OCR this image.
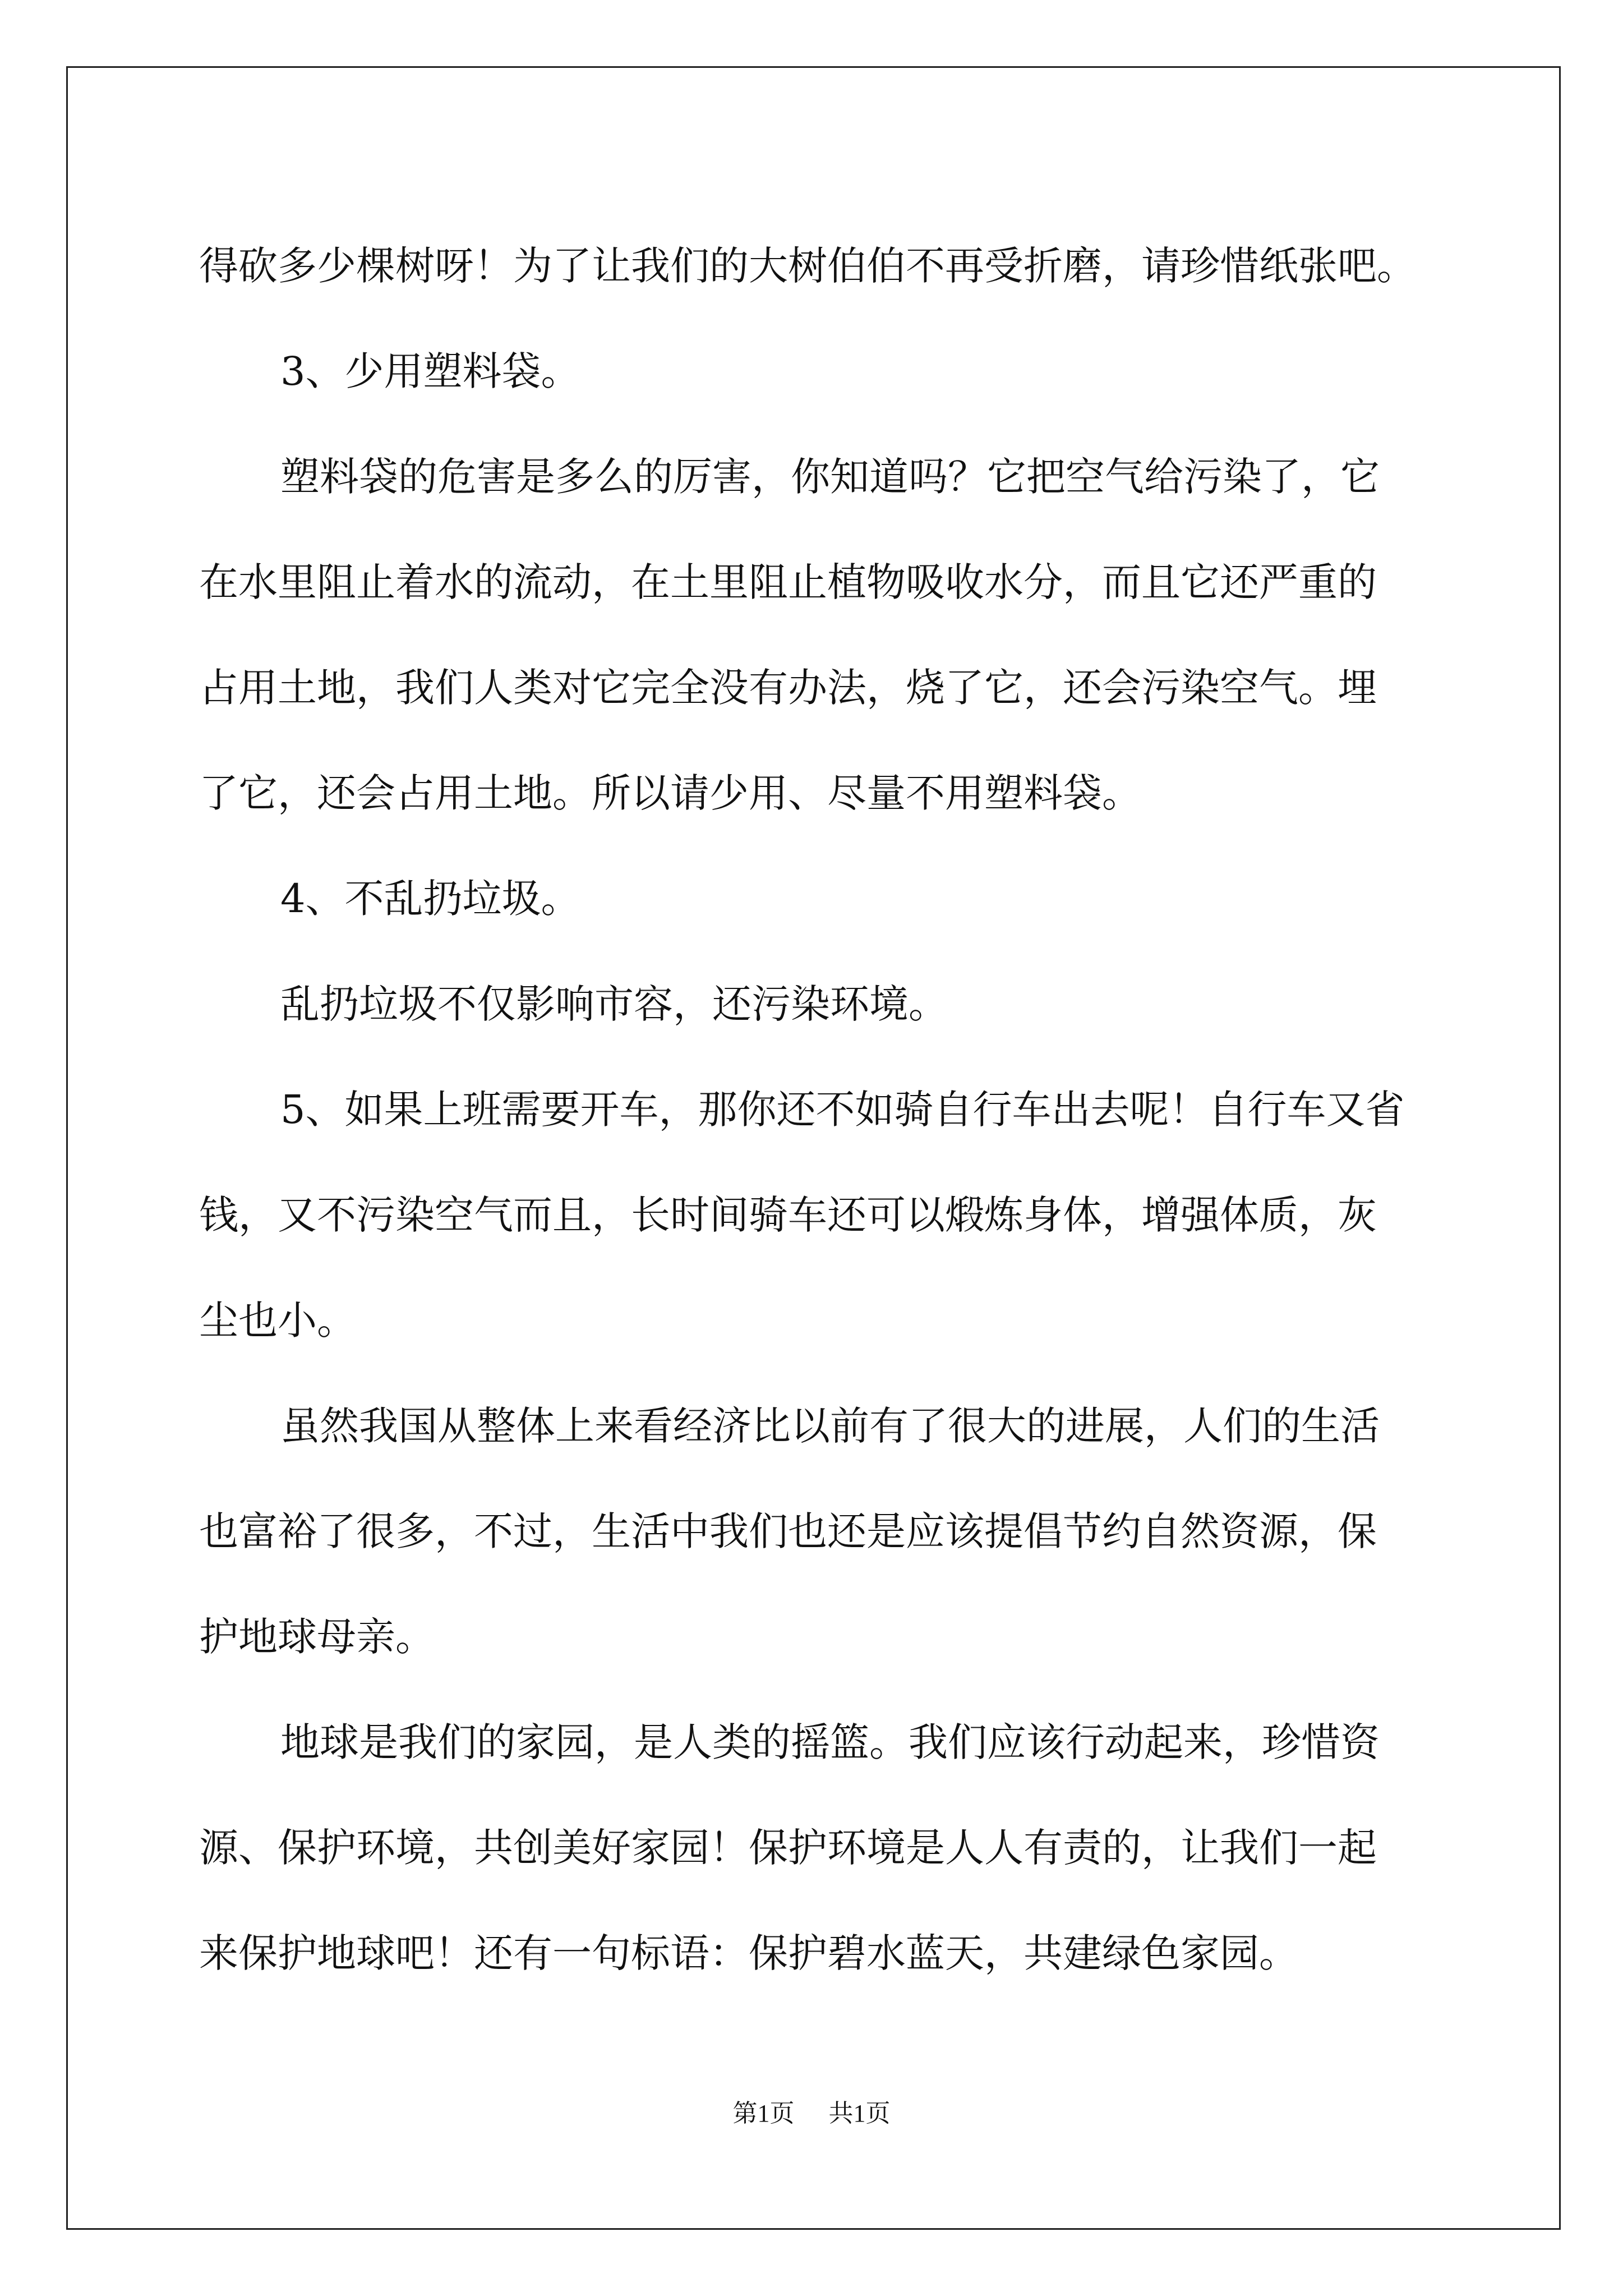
得砍多少棵树呀！为了让我们的大树伯伯不再受折磨，请珍惜纸张吧。

3、少用塑料袋。

塑料袋的危害是多么的厉害，你知道吗？它把空气给污染了，它

在水里阻止着水的流动，在土里阻止植物吸收水分，而且它还严重的

占用土地，我们人类对它完全没有办法，烧了它，还会污染空气。埋

了它，还会占用土地。所以请少用、尽量不用塑料袋。

4、不乱扔垃圾。

乱扔垃圾不仅影响市容，还污染环境。

5、如果上班需要开车，那你还不如骑自行车出去呢！自行车又省

钱，又不污染空气而且，长时间骑车还可以煅炼身体，增强体质，灰

尘也小。

虽然我国从整体上来看经济比以前有了很大的进展，人们的生活

也富裕了很多，不过，生活中我们也还是应该提倡节约自然资源，保

护地球母亲。

地球是我们的家园，是人类的摇篮。我们应该行动起来，珍惜资

源、保护环境，共创美好家园！保护环境是人人有责的，让我们一起

来保护地球吧！还有一句标语：保护碧水蓝天，共建绿色家园。

第1页 共1页
